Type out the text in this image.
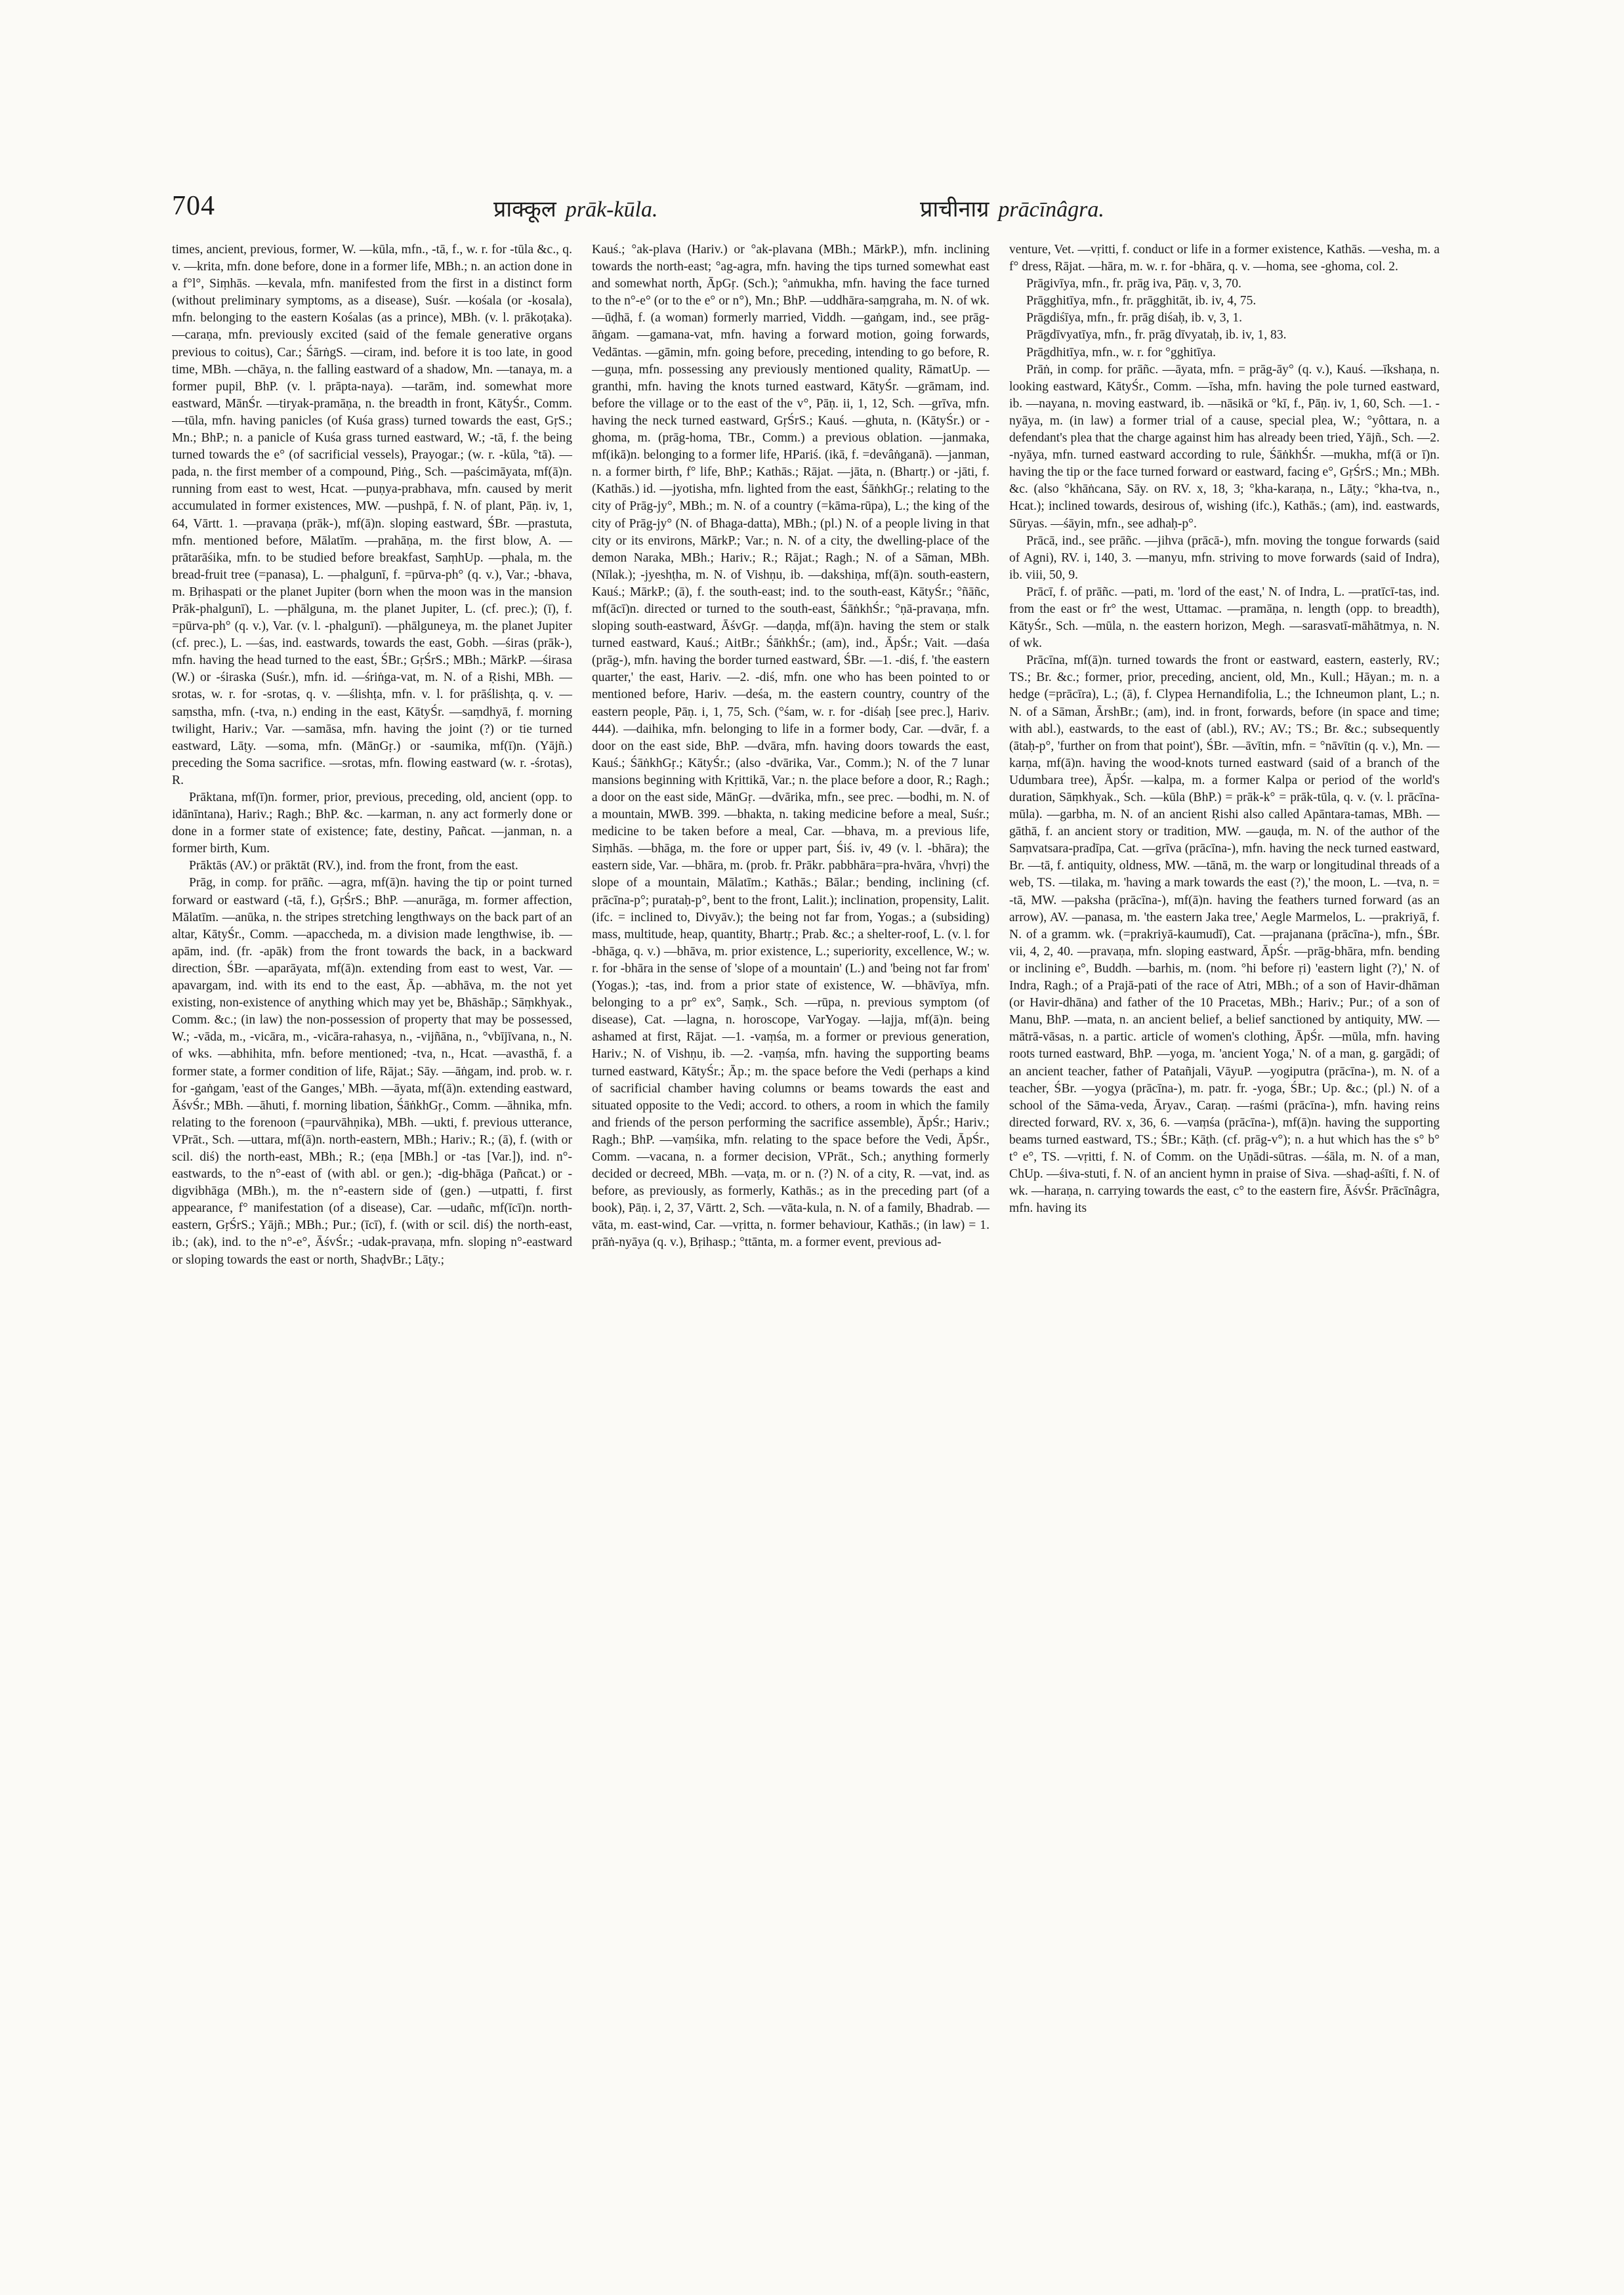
704	प्राक्कूल prāk-kūla.	प्राचीनाग्र prācīnâgra.

times, ancient, previous, former, W. —kūla, mfn., -tā, f., w. r. for -tūla &c., q. v. —krita, mfn. done before, done in a former life, MBh.; n. an action done in a f°l°, Siṃhās. —kevala, mfn. manifested from the first in a distinct form (without preliminary symptoms, as a disease), Suśr. —kośala (or -kosala), mfn. belonging to the eastern Kośalas (as a prince), MBh. (v. l. prākoṭaka). —caraṇa, mfn. previously excited (said of the female generative organs previous to coitus), Car.; ŚārṅgS. —ciram, ind. before it is too late, in good time, MBh. —chāya, n. the falling eastward of a shadow, Mn. —tanaya, m. a former pupil, BhP. (v. l. prāpta-naya). —tarām, ind. somewhat more eastward, MānŚr. —tiryak-pramāṇa, n. the breadth in front, KātyŚr., Comm. —tūla, mfn. having panicles (of Kuśa grass) turned towards the east, GṛS.; Mn.; BhP.; n. a panicle of Kuśa grass turned eastward, W.; -tā, f. the being turned towards the e° (of sacrificial vessels), Prayogar.; (w. r. -kūla, °tā). —pada, n. the first member of a compound, Piṅg., Sch. —paścimāyata, mf(ā)n. running from east to west, Hcat. —puṇya-prabhava, mfn. caused by merit accumulated in former existences, MW. —pushpā, f. N. of plant, Pāṇ. iv, 1, 64, Vārtt. 1. —pravaṇa (prāk-), mf(ā)n. sloping eastward, ŚBr. —prastuta, mfn. mentioned before, Mālatīm. —prahāṇa, m. the first blow, A. —prātarāśika, mfn. to be studied before breakfast, SaṃhUp. —phala, m. the bread-fruit tree (=panasa), L. —phalgunī, f. =pūrva-ph° (q. v.), Var.; -bhava, m. Bṛihaspati or the planet Jupiter (born when the moon was in the mansion Prāk-phalgunī), L. —phālguna, m. the planet Jupiter, L. (cf. prec.); (ī), f. =pūrva-ph° (q. v.), Var. (v. l. -phalgunī). —phālguneya, m. the planet Jupiter (cf. prec.), L. —śas, ind. eastwards, towards the east, Gobh. —śiras (prāk-), mfn. having the head turned to the east, ŚBr.; GṛŚrS.; MBh.; MārkP. —śirasa (W.) or -śiraska (Suśr.), mfn. id. —śriṅga-vat, m. N. of a Ṛishi, MBh. —srotas, w. r. for -srotas, q. v. —ślishṭa, mfn. v. l. for prāślishṭa, q. v. —saṃstha, mfn. (-tva, n.) ending in the east, KātyŚr. —saṃdhyā, f. morning twilight, Hariv.; Var. —samāsa, mfn. having the joint (?) or tie turned eastward, Lāṭy. —soma, mfn. (MānGṛ.) or -saumika, mf(ī)n. (Yājñ.) preceding the Soma sacrifice. —srotas, mfn. flowing eastward (w. r. -śrotas), R.

Prāktana, mf(ī)n. former, prior, previous, preceding, old, ancient (opp. to idānīntana), Hariv.; Ragh.; BhP. &c. —karman, n. any act formerly done or done in a former state of existence; fate, destiny, Pañcat. —janman, n. a former birth, Kum.

Prāktās (AV.) or prāktāt (RV.), ind. from the front, from the east.

Prāg, in comp. for prāñc. —agra, mf(ā)n. having the tip or point turned forward or eastward (-tā, f.), GṛŚrS.; BhP. —anurāga, m. former affection, Mālatīm. —anūka, n. the stripes stretching lengthways on the back part of an altar, KātyŚr., Comm. —apaccheda, m. a division made lengthwise, ib. —apām, ind. (fr. -apāk) from the front towards the back, in a backward direction, ŚBr. —aparāyata, mf(ā)n. extending from east to west, Var. —apavargam, ind. with its end to the east, Āp. —abhāva, m. the not yet existing, non-existence of anything which may yet be, Bhāshāp.; Sāṃkhyak., Comm. &c.; (in law) the non-possession of property that may be possessed, W.; -vāda, m., -vicāra, m., -vicāra-rahasya, n., -vijñāna, n., °vbījīvana, n., N. of wks. —abhihita, mfn. before mentioned; -tva, n., Hcat. —avasthā, f. a former state, a former condition of life, Rājat.; Sāy. —āṅgam, ind. prob. w. r. for -gaṅgam, 'east of the Ganges,' MBh. —āyata, mf(ā)n. extending eastward, ĀśvŚr.; MBh. —āhuti, f. morning libation, ŚāṅkhGṛ., Comm. —āhnika, mfn. relating to the forenoon (=paurvāhṇika), MBh. —ukti, f. previous utterance, VPrāt., Sch. —uttara, mf(ā)n. north-eastern, MBh.; Hariv.; R.; (ā), f. (with or scil. diś) the north-east, MBh.; R.; (eṇa [MBh.] or -tas [Var.]), ind. n°-eastwards, to the n°-east of (with abl. or gen.); -dig-bhāga (Pañcat.) or -digvibhāga (MBh.), m. the n°-eastern side of (gen.) —utpatti, f. first appearance, f° manifestation (of a disease), Car. —udañc, mf(īcī)n. north-eastern, GṛŚrS.; Yājñ.; MBh.; Pur.; (īcī), f. (with or scil. diś) the north-east, ib.; (ak), ind. to the n°-e°, ĀśvŚr.; -udak-pravaṇa, mfn. sloping n°-eastward or sloping towards the east or north, ShaḍvBr.; Lāṭy.;

Kauś.; °ak-plava (Hariv.) or °ak-plavana (MBh.; MārkP.), mfn. inclining towards the north-east; °ag-agra, mfn. having the tips turned somewhat east and somewhat north, ĀpGṛ. (Sch.); °aṅmukha, mfn. having the face turned to the n°-e° (or to the e° or n°), Mn.; BhP. —uddhāra-saṃgraha, m. N. of wk. —ūḍhā, f. (a woman) formerly married, Viddh. —gaṅgam, ind., see prāg-āṅgam. —gamana-vat, mfn. having a forward motion, going forwards, Vedāntas. —gāmin, mfn. going before, preceding, intending to go before, R. —guṇa, mfn. possessing any previously mentioned quality, RāmatUp. —granthi, mfn. having the knots turned eastward, KātyŚr. —grāmam, ind. before the village or to the east of the v°, Pāṇ. ii, 1, 12, Sch. —grīva, mfn. having the neck turned eastward, GṛŚrS.; Kauś. —ghuta, n. (KātyŚr.) or -ghoma, m. (prāg-homa, TBr., Comm.) a previous oblation. —janmaka, mf(ikā)n. belonging to a former life, HPariś. (ikā, f. =devâṅganā). —janman, n. a former birth, f° life, BhP.; Kathās.; Rājat. —jāta, n. (Bhartṛ.) or -jāti, f. (Kathās.) id. —jyotisha, mfn. lighted from the east, ŚāṅkhGṛ.; relating to the city of Prāg-jy°, MBh.; m. N. of a country (=kāma-rūpa), L.; the king of the city of Prāg-jy° (N. of Bhaga-datta), MBh.; (pl.) N. of a people living in that city or its environs, MārkP.; Var.; n. N. of a city, the dwelling-place of the demon Naraka, MBh.; Hariv.; R.; Rājat.; Ragh.; N. of a Sāman, MBh. (Nīlak.); -jyeshṭha, m. N. of Vishṇu, ib. —dakshiṇa, mf(ā)n. south-eastern, Kauś.; MārkP.; (ā), f. the south-east; ind. to the south-east, KātyŚr.; °ñāñc, mf(ācī)n. directed or turned to the south-east, ŚāṅkhŚr.; °ṇā-pravaṇa, mfn. sloping south-eastward, ĀśvGṛ. —daṇḍa, mf(ā)n. having the stem or stalk turned eastward, Kauś.; AitBr.; ŚāṅkhŚr.; (am), ind., ĀpŚr.; Vait. —daśa (prāg-), mfn. having the border turned eastward, ŚBr. —1. -diś, f. 'the eastern quarter,' the east, Hariv. —2. -diś, mfn. one who has been pointed to or mentioned before, Hariv. —deśa, m. the eastern country, country of the eastern people, Pāṇ. i, 1, 75, Sch. (°śam, w. r. for -diśaḥ [see prec.], Hariv. 444). —daihika, mfn. belonging to life in a former body, Car. —dvār, f. a door on the east side, BhP. —dvāra, mfn. having doors towards the east, Kauś.; ŚāṅkhGṛ.; KātyŚr.; (also -dvārika, Var., Comm.); N. of the 7 lunar mansions beginning with Kṛittikā, Var.; n. the place before a door, R.; Ragh.; a door on the east side, MānGṛ. —dvārika, mfn., see prec. —bodhi, m. N. of a mountain, MWB. 399. —bhakta, n. taking medicine before a meal, Suśr.; medicine to be taken before a meal, Car. —bhava, m. a previous life, Siṃhās. —bhāga, m. the fore or upper part, Śiś. iv, 49 (v. l. -bhāra); the eastern side, Var. —bhāra, m. (prob. fr. Prākr. pabbhāra=pra-hvāra, √hvṛi) the slope of a mountain, Mālatīm.; Kathās.; Bālar.; bending, inclining (cf. prācīna-p°; purataḥ-p°, bent to the front, Lalit.); inclination, propensity, Lalit. (ifc. = inclined to, Divyāv.); the being not far from, Yogas.; a (subsiding) mass, multitude, heap, quantity, Bhartṛ.; Prab. &c.; a shelter-roof, L. (v. l. for -bhāga, q. v.) —bhāva, m. prior existence, L.; superiority, excellence, W.; w. r. for -bhāra in the sense of 'slope of a mountain' (L.) and 'being not far from' (Yogas.); -tas, ind. from a prior state of existence, W. —bhāvīya, mfn. belonging to a pr° ex°, Saṃk., Sch. —rūpa, n. previous symptom (of disease), Cat. —lagna, n. horoscope, VarYogay. —lajja, mf(ā)n. being ashamed at first, Rājat. —1. -vaṃśa, m. a former or previous generation, Hariv.; N. of Vishṇu, ib. —2. -vaṃśa, mfn. having the supporting beams turned eastward, KātyŚr.; Āp.; m. the space before the Vedi (perhaps a kind of sacrificial chamber having columns or beams towards the east and situated opposite to the Vedi; accord. to others, a room in which the family and friends of the person performing the sacrifice assemble), ĀpŚr.; Hariv.; Ragh.; BhP. —vaṃśika, mfn. relating to the space before the Vedi, ĀpŚr., Comm. —vacana, n. a former decision, VPrāt., Sch.; anything formerly decided or decreed, MBh. —vaṭa, m. or n. (?) N. of a city, R. —vat, ind. as before, as previously, as formerly, Kathās.; as in the preceding part (of a book), Pāṇ. i, 2, 37, Vārtt. 2, Sch. —vāta-kula, n. N. of a family, Bhadrab. —vāta, m. east-wind, Car. —vṛitta, n. former behaviour, Kathās.; (in law) = 1. prāṅ-nyāya (q. v.), Bṛihasp.; °ttānta, m. a former event, previous ad-

venture, Vet. —vṛitti, f. conduct or life in a former existence, Kathās. —vesha, m. a f° dress, Rājat. —hāra, m. w. r. for -bhāra, q. v. —homa, see -ghoma, col. 2.

Prāgivīya, mfn., fr. prāg iva, Pāṇ. v, 3, 70.

Prāgghitīya, mfn., fr. prāgghitāt, ib. iv, 4, 75.

Prāgdiśīya, mfn., fr. prāg diśaḥ, ib. v, 3, 1.

Prāgdīvyatīya, mfn., fr. prāg dīvyataḥ, ib. iv, 1, 83.

Prāgdhitīya, mfn., w. r. for °gghitīya.

Prāṅ, in comp. for prāñc. —āyata, mfn. = prāg-āy° (q. v.), Kauś. —īkshaṇa, n. looking eastward, KātyŚr., Comm. —īsha, mfn. having the pole turned eastward, ib. —nayana, n. moving eastward, ib. —nāsikā or °kī, f., Pāṇ. iv, 1, 60, Sch. —1. -nyāya, m. (in law) a former trial of a cause, special plea, W.; °yôttara, n. a defendant's plea that the charge against him has already been tried, Yājñ., Sch. —2. -nyāya, mfn. turned eastward according to rule, ŚāṅkhŚr. —mukha, mf(ā or ī)n. having the tip or the face turned forward or eastward, facing e°, GṛŚrS.; Mn.; MBh. &c. (also °khāṅcana, Sāy. on RV. x, 18, 3; °kha-karaṇa, n., Lāṭy.; °kha-tva, n., Hcat.); inclined towards, desirous of, wishing (ifc.), Kathās.; (am), ind. eastwards, Sūryas. —śāyin, mfn., see adhaḥ-p°.

Prācā, ind., see prāñc. —jihva (prācā-), mfn. moving the tongue forwards (said of Agni), RV. i, 140, 3. —manyu, mfn. striving to move forwards (said of Indra), ib. viii, 50, 9.

Prācī, f. of prāñc. —pati, m. 'lord of the east,' N. of Indra, L. —pratīcī-tas, ind. from the east or fr° the west, Uttamac. —pramāṇa, n. length (opp. to breadth), KātyŚr., Sch. —mūla, n. the eastern horizon, Megh. —sarasvatī-māhātmya, n. N. of wk.

Prācīna, mf(ā)n. turned towards the front or eastward, eastern, easterly, RV.; TS.; Br. &c.; former, prior, preceding, ancient, old, Mn., Kull.; Hāyan.; m. n. a hedge (=prācīra), L.; (ā), f. Clypea Hernandifolia, L.; the Ichneumon plant, L.; n. N. of a Sāman, ĀrshBr.; (am), ind. in front, forwards, before (in space and time; with abl.), eastwards, to the east of (abl.), RV.; AV.; TS.; Br. &c.; subsequently (ātaḥ-p°, 'further on from that point'), ŚBr. —āvītin, mfn. = °nāvītin (q. v.), Mn. —karṇa, mf(ā)n. having the wood-knots turned eastward (said of a branch of the Udumbara tree), ĀpŚr. —kalpa, m. a former Kalpa or period of the world's duration, Sāṃkhyak., Sch. —kūla (BhP.) = prāk-k° = prāk-tūla, q. v. (v. l. prācīna-mūla). —garbha, m. N. of an ancient Ṛishi also called Apāntara-tamas, MBh. —gāthā, f. an ancient story or tradition, MW. —gauḍa, m. N. of the author of the Saṃvatsara-pradīpa, Cat. —grīva (prācīna-), mfn. having the neck turned eastward, Br. —tā, f. antiquity, oldness, MW. —tānā, m. the warp or longitudinal threads of a web, TS. —tilaka, m. 'having a mark towards the east (?),' the moon, L. —tva, n. = -tā, MW. —paksha (prācīna-), mf(ā)n. having the feathers turned forward (as an arrow), AV. —panasa, m. 'the eastern Jaka tree,' Aegle Marmelos, L. —prakriyā, f. N. of a gramm. wk. (=prakriyā-kaumudī), Cat. —prajanana (prācīna-), mfn., ŚBr. vii, 4, 2, 40. —pravaṇa, mfn. sloping eastward, ĀpŚr. —prāg-bhāra, mfn. bending or inclining e°, Buddh. —barhis, m. (nom. °hi before ṛi) 'eastern light (?),' N. of Indra, Ragh.; of a Prajā-pati of the race of Atri, MBh.; of a son of Havir-dhāman (or Havir-dhāna) and father of the 10 Pracetas, MBh.; Hariv.; Pur.; of a son of Manu, BhP. —mata, n. an ancient belief, a belief sanctioned by antiquity, MW. —mātrā-vāsas, n. a partic. article of women's clothing, ĀpŚr. —mūla, mfn. having roots turned eastward, BhP. —yoga, m. 'ancient Yoga,' N. of a man, g. gargādi; of an ancient teacher, father of Patañjali, VāyuP. —yogiputra (prācīna-), m. N. of a teacher, ŚBr. —yogya (prācīna-), m. patr. fr. -yoga, ŚBr.; Up. &c.; (pl.) N. of a school of the Sāma-veda, Āryav., Caraṇ. —raśmi (prācīna-), mfn. having reins directed forward, RV. x, 36, 6. —vaṃśa (prācīna-), mf(ā)n. having the supporting beams turned eastward, TS.; ŚBr.; Kāṭh. (cf. prāg-v°); n. a hut which has the s° b° t° e°, TS. —vṛitti, f. N. of Comm. on the Uṇādi-sūtras. —śāla, m. N. of a man, ChUp. —śiva-stuti, f. N. of an ancient hymn in praise of Siva. —shaḍ-aśīti, f. N. of wk. —haraṇa, n. carrying towards the east, c° to the eastern fire, ĀśvŚr. Prācīnâgra, mfn. having its
